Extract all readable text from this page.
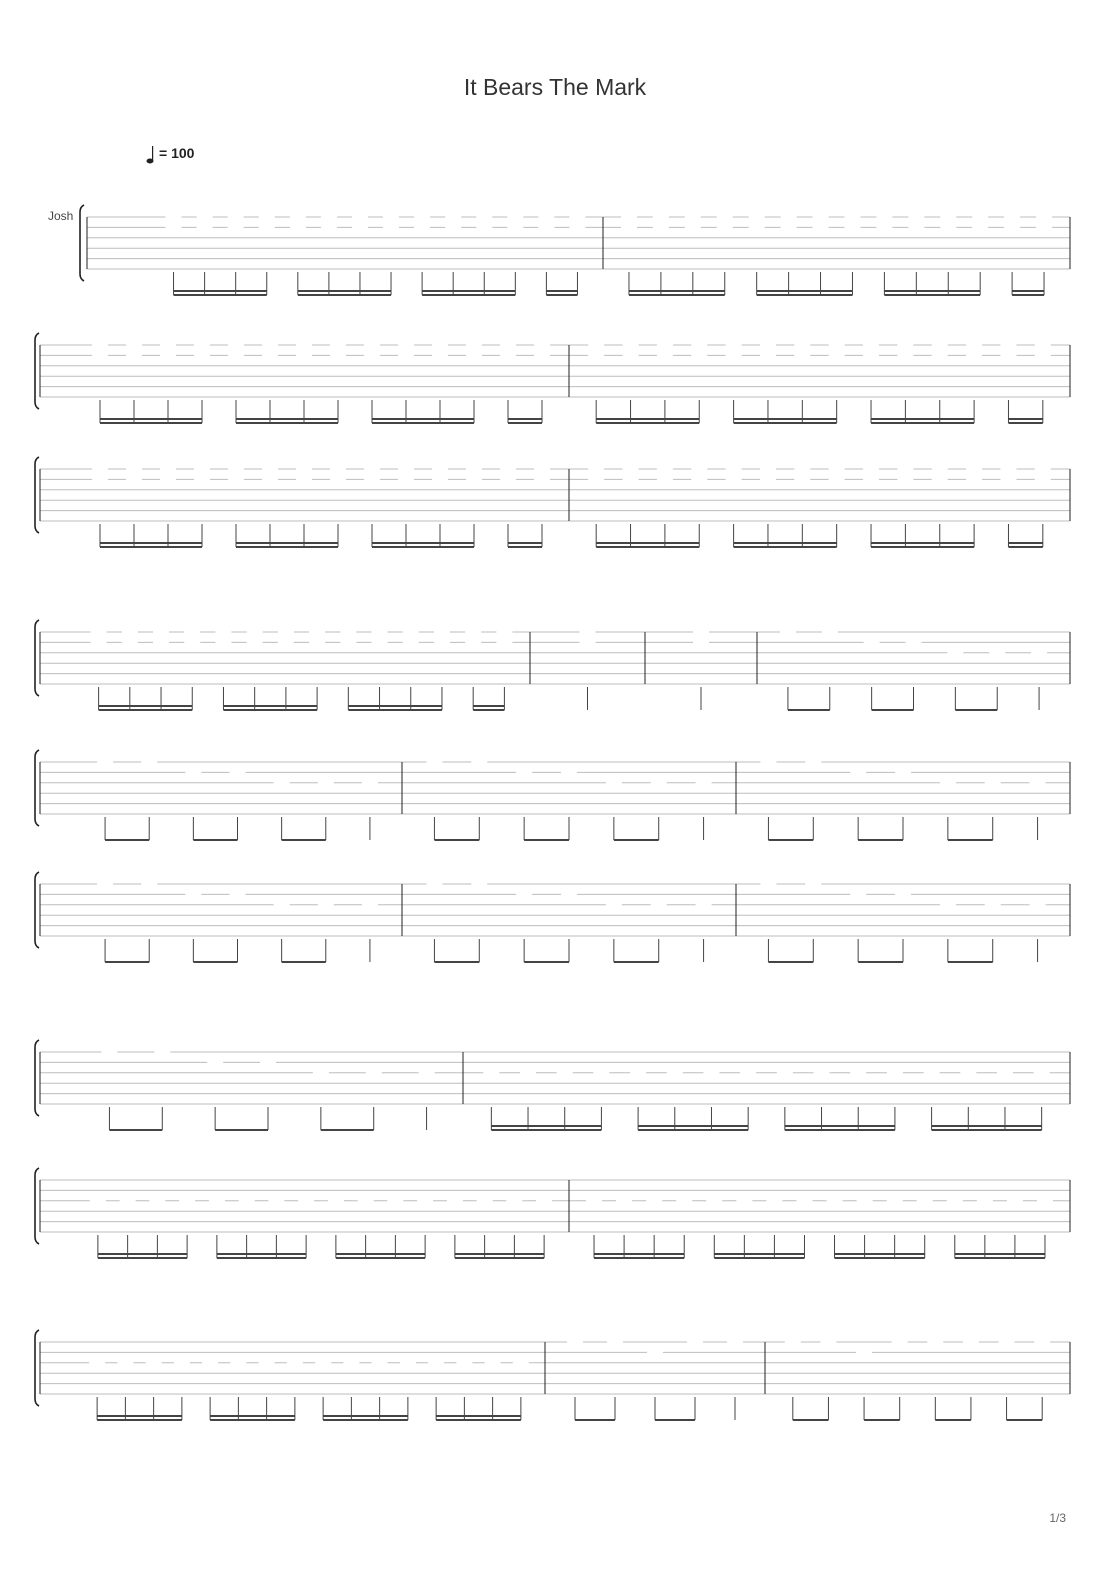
It Bears The Mark
Josh
= 100
1/3
